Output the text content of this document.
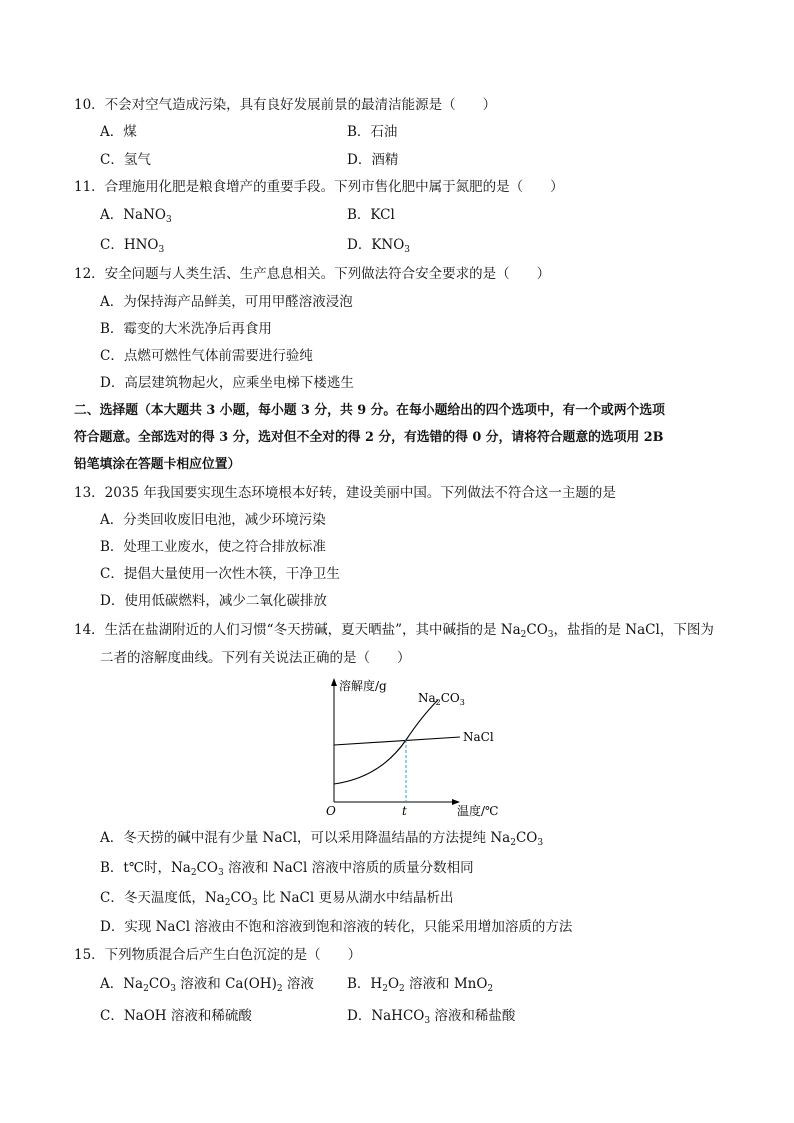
10．不会对空气造成污染，具有良好发展前景的最清洁能源是（　　）
A．煤	B．石油
C．氢气	D．酒精
11．合理施用化肥是粮食增产的重要手段。下列市售化肥中属于氮肥的是（　　）
A．NaNO$_3$	B．KCl
C．$HNO_3$	D．$KNO_3$
12．安全问题与人类生活、生产息息相关。下列做法符合安全要求的是（　　）
A．为保持海产品鲜美，可用甲醛溶液浸泡
B．霉变的大米洗净后再食用
C．点燃可燃性气体前需要进行验纯
D．高层建筑物起火，应乘坐电梯下楼逃生
二、选择题（本大题共 3 小题，每小题 3 分，共 9 分。在每小题给出的四个选项中，有一个或两个选项
符合题意。全部选对的得 3 分，选对但不全对的得 2 分，有选错的得 0 分，请将符合题意的选项用 2B
铅笔填涂在答题卡相应位置）
13．2035 年我国要实现生态环境根本好转，建设美丽中国。下列做法不符合这一主题的是
A．分类回收废旧电池，减少环境污染
B．处理工业废水，使之符合排放标准
C．提倡大量使用一次性木筷，干净卫生
D．使用低碳燃料，减少二氧化碳排放
14．生活在盐湖附近的人们习惯“冬天捞碱，夏天晒盐”，其中碱指的是 $Na_2CO_3$，盐指的是 NaCl，下图为
二者的溶解度曲线。下列有关说法正确的是（　　）
溶解度/g
温度/℃
O	t
NaCl
$Na_2CO_3$
A．冬天捞的碱中混有少量 NaCl，可以采用降温结晶的方法提纯 $Na_2CO_3$
B．t℃时，$Na_2CO_3$ 溶液和 NaCl 溶液中溶质的质量分数相同
C．冬天温度低，$Na_2CO_3$ 比 NaCl 更易从湖水中结晶析出
D．实现 NaCl 溶液由不饱和溶液到饱和溶液的转化，只能采用增加溶质的方法
15．下列物质混合后产生白色沉淀的是（　　）
A．$Na_2CO_3$ 溶液和 $Ca(OH)_2$ 溶液 B．$H_2O_2$ 溶液和 MnO$_2$
C．NaOH 溶液和稀硫酸	D．NaHCO$_3$ 溶液和稀盐酸
